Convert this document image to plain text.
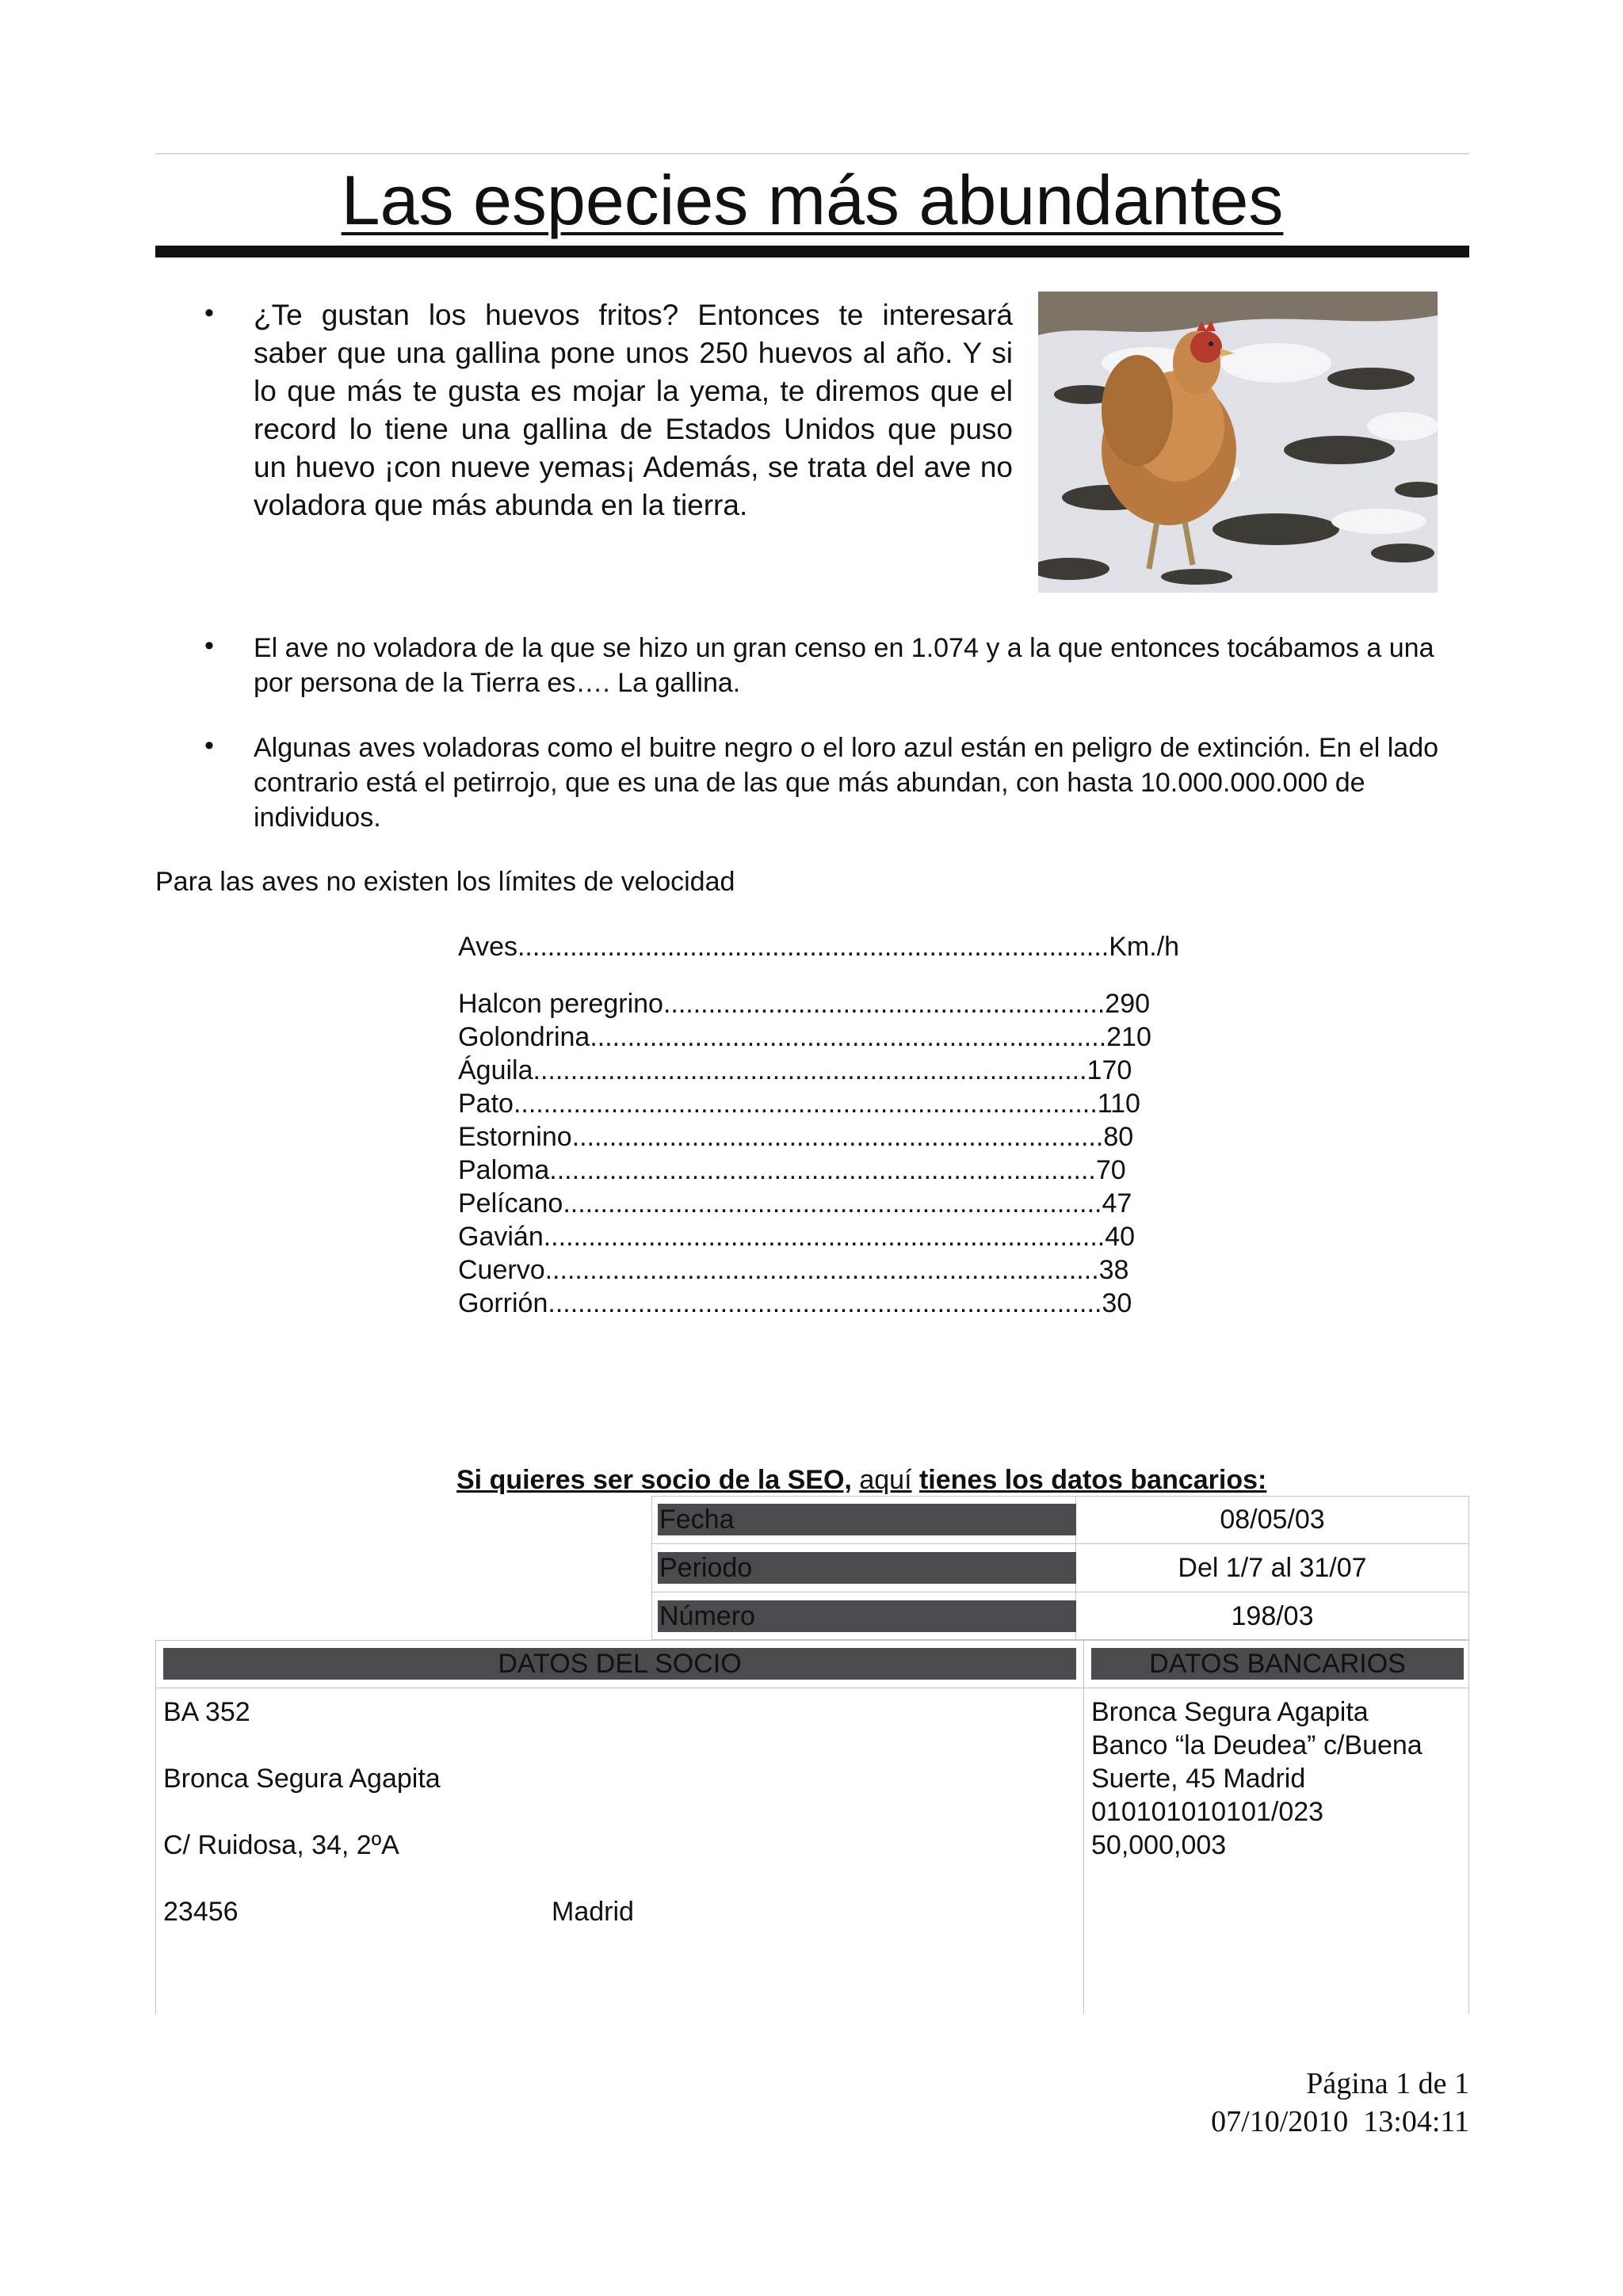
Las especies más abundantes
• ¿Te gustan los huevos fritos? Entonces te interesará saber que una gallina pone unos 250 huevos al año. Y si lo que más te gusta es mojar la yema, te diremos que el record lo tiene una gallina de Estados Unidos que puso un huevo ¡con nueve yemas¡ Además, se trata del ave no voladora que más abunda en la tierra.
• El ave no voladora de la que se hizo un gran censo en 1.074 y a la que entonces tocábamos a una por persona de la Tierra es…. La gallina.
• Algunas aves voladoras como el buitre negro o el loro azul están en peligro de extinción. En el lado contrario está el petirrojo, que es una de las que más abundan, con hasta 10.000.000.000 de individuos.
Para las aves no existen los límites de velocidad
Aves ............................................................................... Km./h
Halcon peregrino ........................................................... 290
Golondrina ..................................................................... 210
Águila .......................................................................... 170
Pato .............................................................................. 110
Estornino ....................................................................... 80
Paloma ......................................................................... 70
Pelícano ........................................................................ 47
Gavián ........................................................................... 40
Cuervo .......................................................................... 38
Gorrión .......................................................................... 30
Si quieres ser socio de la SEO, aquí tienes los datos bancarios:
Fecha	08/05/03
Periodo	Del 1/7 al 31/07
Número	198/03
DATOS DEL SOCIO	DATOS BANCARIOS
BA 352
Bronca Segura Agapita
C/ Ruidosa, 34, 2ºA
23456	Madrid
Bronca Segura Agapita
Banco “la Deudea” c/Buena
Suerte, 45 Madrid
010101010101/023
50,000,003
Página 1 de 1
07/10/2010 13:04:11
